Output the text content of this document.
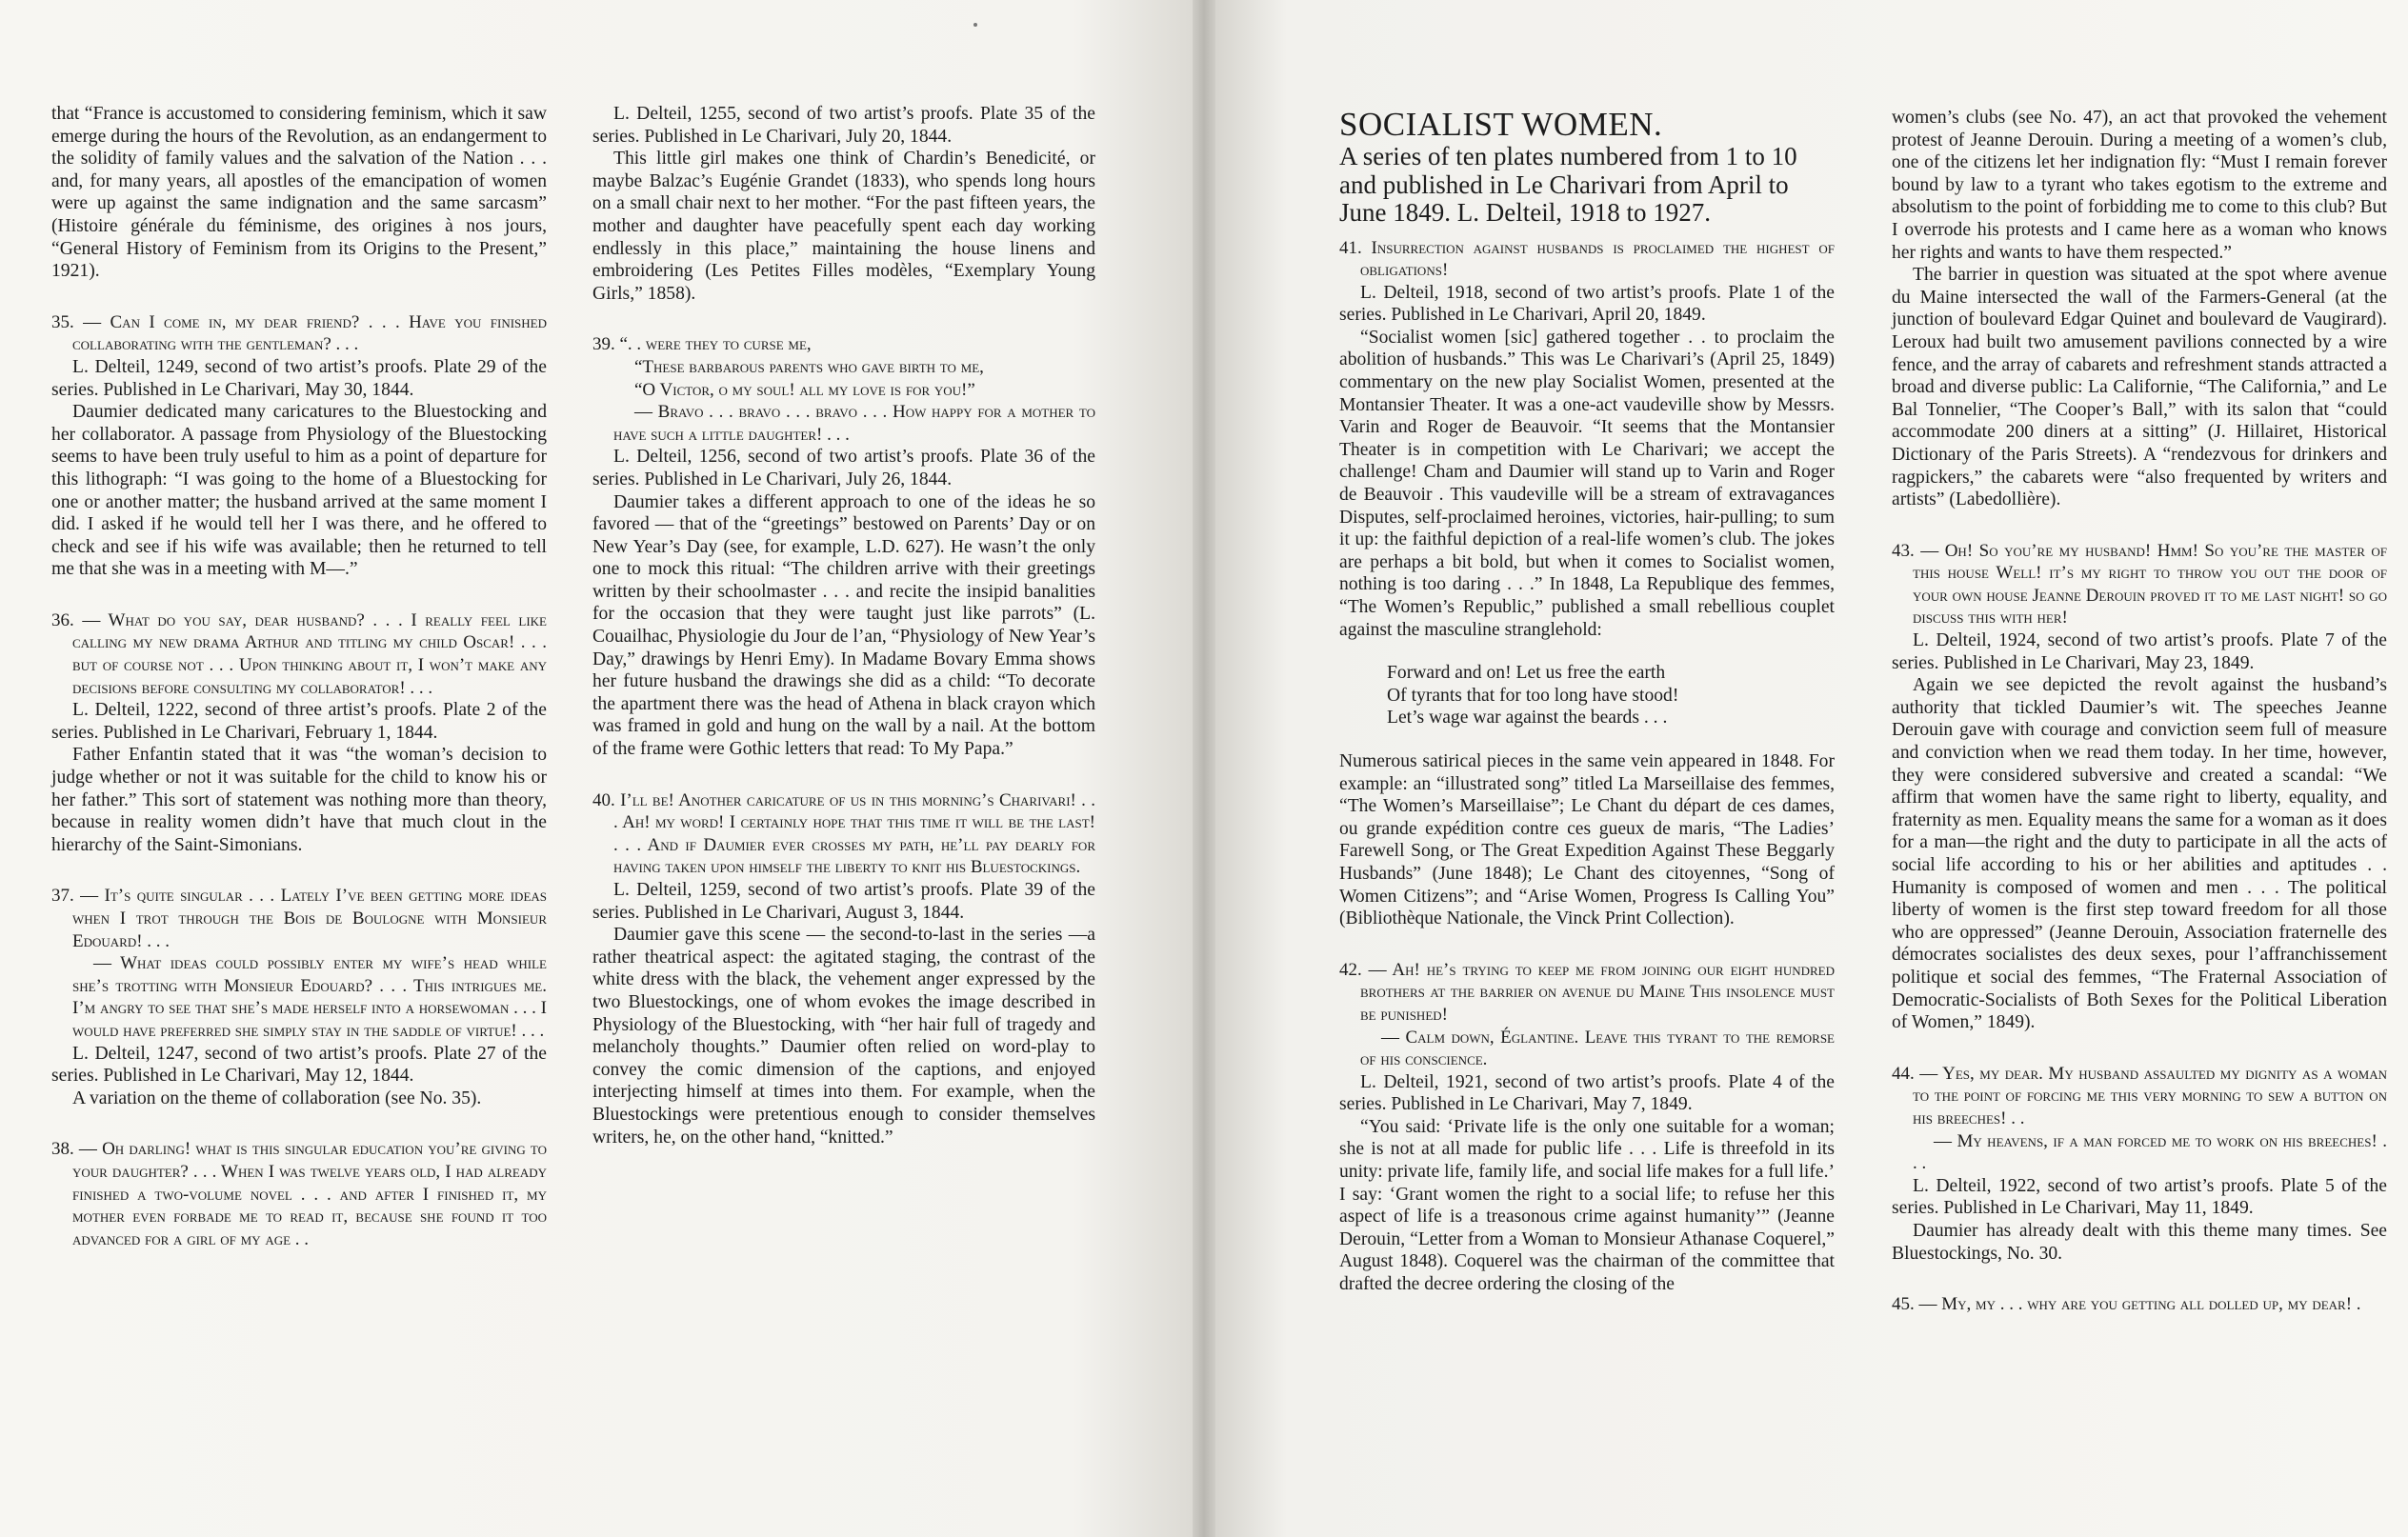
that “France is accustomed to considering feminism, which it saw emerge during the hours of the Revolution, as an endangerment to the solidity of family values and the salvation of the Nation . . . and, for many years, all apostles of the emancipation of women were up against the same indignation and the same sarcasm” (Histoire générale du féminisme, des origines à nos jours, “General History of Feminism from its Origins to the Present,” 1921).

35. — Can I come in, my dear friend? . . . Have you finished collaborating with the gentleman? . . .

L. Delteil, 1249, second of two artist’s proofs. Plate 29 of the series. Published in Le Charivari, May 30, 1844.

Daumier dedicated many caricatures to the Bluestocking and her collaborator. A passage from Physiology of the Bluestocking seems to have been truly useful to him as a point of departure for this lithograph: “I was going to the home of a Bluestocking for one or another matter; the husband arrived at the same moment I did. I asked if he would tell her I was there, and he offered to check and see if his wife was available; then he returned to tell me that she was in a meeting with M—.”

36. — What do you say, dear husband? . . . I really feel like calling my new drama Arthur and titling my child Oscar! . . . but of course not . . . Upon thinking about it, I won’t make any decisions before consulting my collaborator! . . .

L. Delteil, 1222, second of three artist’s proofs. Plate 2 of the series. Published in Le Charivari, February 1, 1844.

Father Enfantin stated that it was “the woman’s decision to judge whether or not it was suitable for the child to know his or her father.” This sort of statement was nothing more than theory, because in reality women didn’t have that much clout in the hierarchy of the Saint-Simonians.

37. — It’s quite singular . . . Lately I’ve been getting more ideas when I trot through the Bois de Boulogne with Monsieur Edouard! . . .

— What ideas could possibly enter my wife’s head while she’s trotting with Monsieur Edouard? . . . This intrigues me. I’m angry to see that she’s made herself into a horsewoman . . . I would have preferred she simply stay in the saddle of virtue! . . .

L. Delteil, 1247, second of two artist’s proofs. Plate 27 of the series. Published in Le Charivari, May 12, 1844.

A variation on the theme of collaboration (see No. 35).

38. — Oh darling! what is this singular education you’re giving to your daughter? . . . When I was twelve years old, I had already finished a two-volume novel . . . and after I finished it, my mother even forbade me to read it, because she found it too advanced for a girl of my age . .

L. Delteil, 1255, second of two artist’s proofs. Plate 35 of the series. Published in Le Charivari, July 20, 1844.

This little girl makes one think of Chardin’s Benedicité, or maybe Balzac’s Eugénie Grandet (1833), who spends long hours on a small chair next to her mother. “For the past fifteen years, the mother and daughter have peacefully spent each day working endlessly in this place,” maintaining the house linens and embroidering (Les Petites Filles modèles, “Exemplary Young Girls,” 1858).

39. “. . were they to curse me,

“These barbarous parents who gave birth to me,

“O Victor, o my soul! all my love is for you!”

— Bravo . . . bravo . . . bravo . . . How happy for a mother to have such a little daughter! . . .

L. Delteil, 1256, second of two artist’s proofs. Plate 36 of the series. Published in Le Charivari, July 26, 1844.

Daumier takes a different approach to one of the ideas he so favored — that of the “greetings” bestowed on Parents’ Day or on New Year’s Day (see, for example, L.D. 627). He wasn’t the only one to mock this ritual: “The children arrive with their greetings written by their schoolmaster . . . and recite the insipid banalities for the occasion that they were taught just like parrots” (L. Couailhac, Physiologie du Jour de l’an, “Physiology of New Year’s Day,” drawings by Henri Emy). In Madame Bovary Emma shows her future husband the drawings she did as a child: “To decorate the apartment there was the head of Athena in black crayon which was framed in gold and hung on the wall by a nail. At the bottom of the frame were Gothic letters that read: To My Papa.”

40. I’ll be! Another caricature of us in this morning’s Charivari! . . . Ah! my word! I certainly hope that this time it will be the last! . . . And if Daumier ever crosses my path, he’ll pay dearly for having taken upon himself the liberty to knit his Bluestockings.

L. Delteil, 1259, second of two artist’s proofs. Plate 39 of the series. Published in Le Charivari, August 3, 1844.

Daumier gave this scene — the second-to-last in the series —a rather theatrical aspect: the agitated staging, the contrast of the white dress with the black, the vehement anger expressed by the two Bluestockings, one of whom evokes the image described in Physiology of the Bluestocking, with “her hair full of tragedy and melancholy thoughts.” Daumier often relied on word-play to convey the comic dimension of the captions, and enjoyed interjecting himself at times into them. For example, when the Bluestockings were pretentious enough to consider themselves writers, he, on the other hand, “knitted.”

SOCIALIST WOMEN.

A series of ten plates numbered from 1 to 10 and published in Le Charivari from April to June 1849. L. Delteil, 1918 to 1927.

41. Insurrection against husbands is proclaimed the highest of obligations!

L. Delteil, 1918, second of two artist’s proofs. Plate 1 of the series. Published in Le Charivari, April 20, 1849.

“Socialist women [sic] gathered together . . to proclaim the abolition of husbands.” This was Le Charivari’s (April 25, 1849) commentary on the new play Socialist Women, presented at the Montansier Theater. It was a one-act vaudeville show by Messrs. Varin and Roger de Beauvoir. “It seems that the Montansier Theater is in competition with Le Charivari; we accept the challenge! Cham and Daumier will stand up to Varin and Roger de Beauvoir . This vaudeville will be a stream of extravagances Disputes, self-proclaimed heroines, victories, hair-pulling; to sum it up: the faithful depiction of a real-life women’s club. The jokes are perhaps a bit bold, but when it comes to Socialist women, nothing is too daring . . .” In 1848, La Republique des femmes, “The Women’s Republic,” published a small rebellious couplet against the masculine stranglehold:

Forward and on! Let us free the earth
Of tyrants that for too long have stood!
Let’s wage war against the beards . . .

Numerous satirical pieces in the same vein appeared in 1848. For example: an “illustrated song” titled La Marseillaise des femmes, “The Women’s Marseillaise”; Le Chant du départ de ces dames, ou grande expédition contre ces gueux de maris, “The Ladies’ Farewell Song, or The Great Expedition Against These Beggarly Husbands” (June 1848); Le Chant des citoyennes, “Song of Women Citizens”; and “Arise Women, Progress Is Calling You” (Bibliothèque Nationale, the Vinck Print Collection).

42. — Ah! he’s trying to keep me from joining our eight hundred brothers at the barrier on avenue du Maine This insolence must be punished!

— Calm down, Églantine. Leave this tyrant to the remorse of his conscience.

L. Delteil, 1921, second of two artist’s proofs. Plate 4 of the series. Published in Le Charivari, May 7, 1849.

“You said: ‘Private life is the only one suitable for a woman; she is not at all made for public life . . . Life is threefold in its unity: private life, family life, and social life makes for a full life.’ I say: ‘Grant women the right to a social life; to refuse her this aspect of life is a treasonous crime against humanity’” (Jeanne Derouin, “Letter from a Woman to Monsieur Athanase Coquerel,” August 1848). Coquerel was the chairman of the committee that drafted the decree ordering the closing of the

women’s clubs (see No. 47), an act that provoked the vehement protest of Jeanne Derouin. During a meeting of a women’s club, one of the citizens let her indignation fly: “Must I remain forever bound by law to a tyrant who takes egotism to the extreme and absolutism to the point of forbidding me to come to this club? But I overrode his protests and I came here as a woman who knows her rights and wants to have them respected.”

The barrier in question was situated at the spot where avenue du Maine intersected the wall of the Farmers-General (at the junction of boulevard Edgar Quinet and boulevard de Vaugirard). Leroux had built two amusement pavilions connected by a wire fence, and the array of cabarets and refreshment stands attracted a broad and diverse public: La Californie, “The California,” and Le Bal Tonnelier, “The Cooper’s Ball,” with its salon that “could accommodate 200 diners at a sitting” (J. Hillairet, Historical Dictionary of the Paris Streets). A “rendezvous for drinkers and ragpickers,” the cabarets were “also frequented by writers and artists” (Labedollière).

43. — Oh! So you’re my husband! Hmm! So you’re the master of this house Well! it’s my right to throw you out the door of your own house Jeanne Derouin proved it to me last night! so go discuss this with her!

L. Delteil, 1924, second of two artist’s proofs. Plate 7 of the series. Published in Le Charivari, May 23, 1849.

Again we see depicted the revolt against the husband’s authority that tickled Daumier’s wit. The speeches Jeanne Derouin gave with courage and conviction seem full of measure and conviction when we read them today. In her time, however, they were considered subversive and created a scandal: “We affirm that women have the same right to liberty, equality, and fraternity as men. Equality means the same for a woman as it does for a man—the right and the duty to participate in all the acts of social life according to his or her abilities and aptitudes . . Humanity is composed of women and men . . . The political liberty of women is the first step toward freedom for all those who are oppressed” (Jeanne Derouin, Association fraternelle des démocrates socialistes des deux sexes, pour l’affranchissement politique et social des femmes, “The Fraternal Association of Democratic-Socialists of Both Sexes for the Political Liberation of Women,” 1849).

44. — Yes, my dear. My husband assaulted my dignity as a woman to the point of forcing me this very morning to sew a button on his breeches! . .

— My heavens, if a man forced me to work on his breeches! . . .

L. Delteil, 1922, second of two artist’s proofs. Plate 5 of the series. Published in Le Charivari, May 11, 1849.

Daumier has already dealt with this theme many times. See Bluestockings, No. 30.

45. — My, my . . . why are you getting all dolled up, my dear! .
